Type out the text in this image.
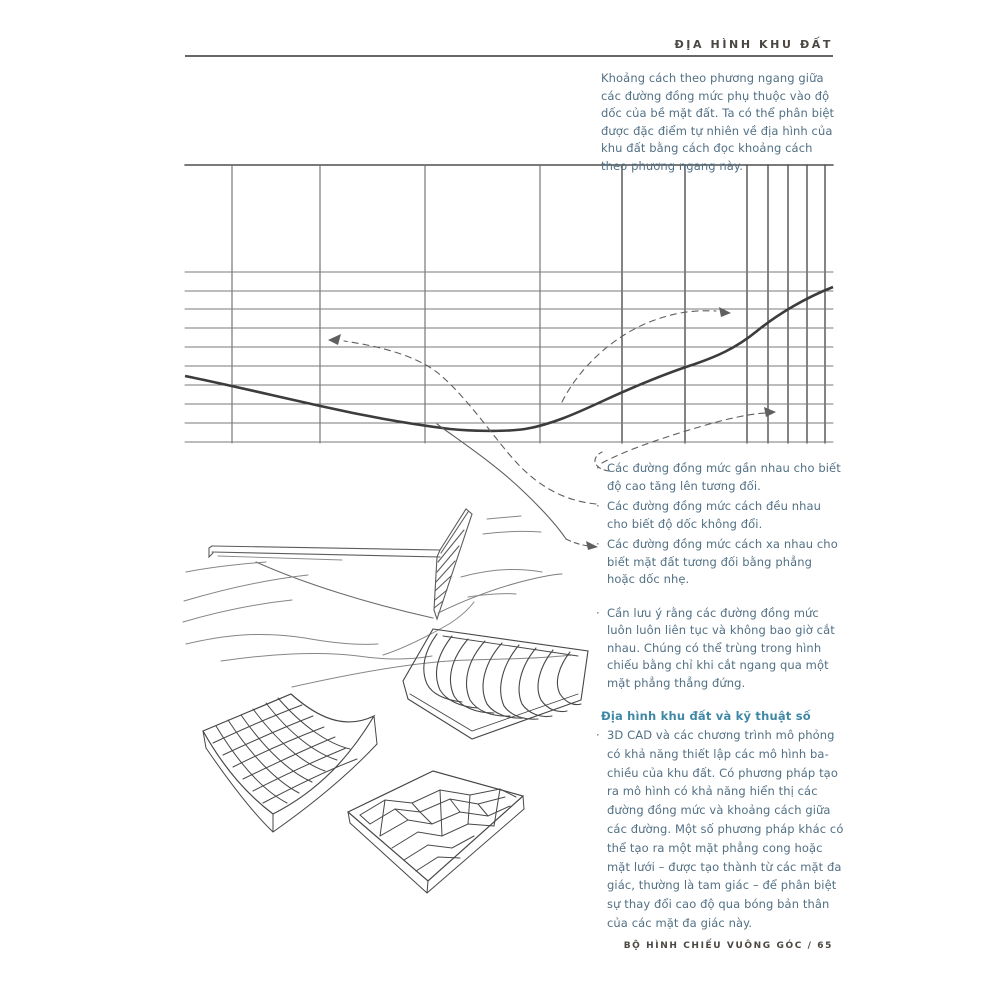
ĐỊA HÌNH KHU ĐẤT
Khoảng cách theo phương ngang giữa các đường đồng mức phụ thuộc vào độ dốc của bề mặt đất. Ta có thể phân biệt được đặc điểm tự nhiên về địa hình của khu đất bằng cách đọc khoảng cách theo phương ngang này.
· Các đường đồng mức gần nhau cho biết độ cao tăng lên tương đối.
· Các đường đồng mức cách đều nhau cho biết độ dốc không đổi.
· Các đường đồng mức cách xa nhau cho biết mặt đất tương đối bằng phẳng hoặc dốc nhẹ.
· Cần lưu ý rằng các đường đồng mức luôn luôn liên tục và không bao giờ cắt nhau. Chúng có thể trùng trong hình chiếu bằng chỉ khi cắt ngang qua một mặt phẳng thẳng đứng.
Địa hình khu đất và kỹ thuật số
· 3D CAD và các chương trình mô phỏng có khả năng thiết lập các mô hình ba-chiều của khu đất. Có phương pháp tạo ra mô hình có khả năng hiển thị các đường đồng mức và khoảng cách giữa các đường. Một số phương pháp khác có thể tạo ra một mặt phẳng cong hoặc mặt lưới – được tạo thành từ các mặt đa giác, thường là tam giác – để phân biệt sự thay đổi cao độ qua bóng bản thân của các mặt đa giác này.
BỘ HÌNH CHIẾU VUÔNG GÓC / 65
